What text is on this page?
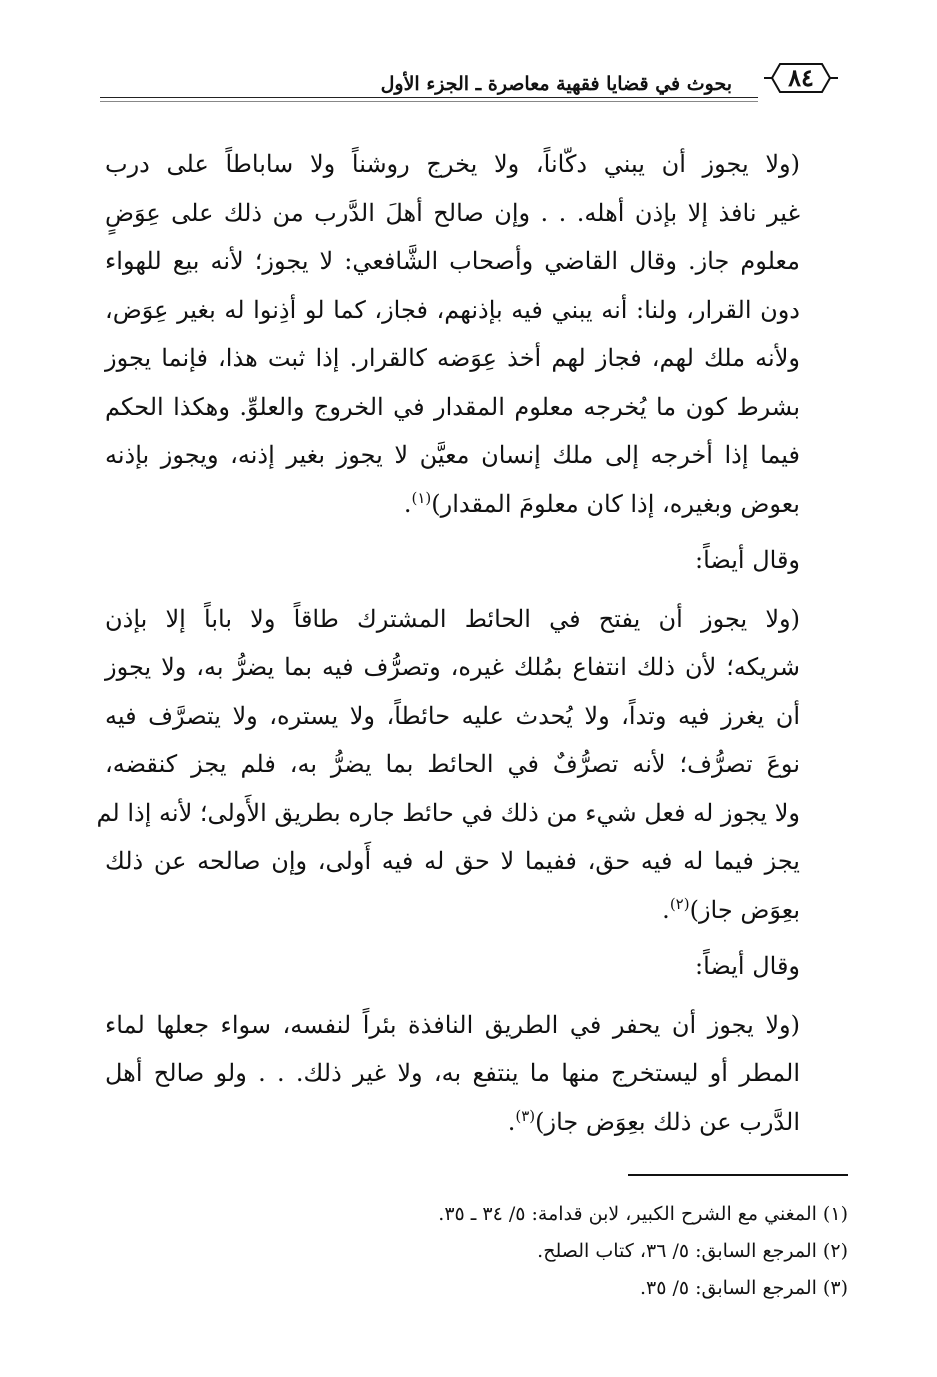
٨٤
بحوث في قضايا فقهية معاصرة ـ الجزء الأول
(ولا يجوز أن يبني دكّاناً، ولا يخرج روشناً ولا ساباطاً على درب
غير نافذ إلا بإذن أهله. . . وإن صالح أهلَ الدَّرب من ذلك على عِوَضٍ
معلوم جاز. وقال القاضي وأصحاب الشَّافعي: لا يجوز؛ لأنه بيع للهواء
دون القرار، ولنا: أنه يبني فيه بإذنهم، فجاز، كما لو أذِنوا له بغير عِوَض،
ولأنه ملك لهم، فجاز لهم أخذ عِوَضه كالقرار. إذا ثبت هذا، فإنما يجوز
بشرط كون ما يُخرجه معلوم المقدار في الخروج والعلوِّ. وهكذا الحكم
فيما إذا أخرجه إلى ملك إنسان معيَّن لا يجوز بغير إذنه، ويجوز بإذنه
بعوض وبغيره، إذا كان معلومَ المقدار)$^{(١)}$.
وقال أيضاً:
(ولا يجوز أن يفتح في الحائط المشترك طاقاً ولا باباً إلا بإذن
شريكه؛ لأن ذلك انتفاع بمُلك غيره، وتصرُّف فيه بما يضرُّ به، ولا يجوز
أن يغرز فيه وتداً، ولا يُحدث عليه حائطاً، ولا يستره، ولا يتصرَّف فيه
نوعَ تصرُّف؛ لأنه تصرُّفٌ في الحائط بما يضرُّ به، فلم يجز كنقضه،
ولا يجوز له فعل شيء من ذلك في حائط جاره بطريق الأَولى؛ لأنه إذا لم
يجز فيما له فيه حق، ففيما لا حق له فيه أَولى، وإن صالحه عن ذلك
بعِوَض جاز)$^{(٢)}$.
وقال أيضاً:
(ولا يجوز أن يحفر في الطريق النافذة بئراً لنفسه، سواء جعلها لماء
المطر أو ليستخرج منها ما ينتفع به، ولا غير ذلك. . . ولو صالح أهل
الدَّرب عن ذلك بعِوَض جاز)$^{(٣)}$.
(١) المغني مع الشرح الكبير، لابن قدامة: ٥/ ٣٤ ـ ٣٥.
(٢) المرجع السابق: ٥/ ٣٦، كتاب الصلح.
(٣) المرجع السابق: ٥/ ٣٥.
